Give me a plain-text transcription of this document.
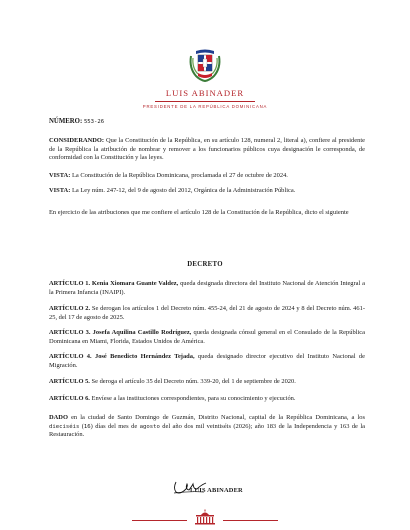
LUIS ABINADER
PRESIDENTE DE LA REPÚBLICA DOMINICANA
NÚMERO: 553-26
CONSIDERANDO: Que la Constitución de la República, en su artículo 128, numeral 2, literal a), confiere al presidente de la República la atribución de nombrar y remover a los funcionarios públicos cuya designación le corresponda, de conformidad con la Constitución y las leyes.
VISTA: La Constitución de la República Dominicana, proclamada el 27 de octubre de 2024.
VISTA: La Ley núm. 247-12, del 9 de agosto del 2012, Orgánica de la Administración Pública.
En ejercicio de las atribuciones que me confiere el artículo 128 de la Constitución de la República, dicto el siguiente
DECRETO
ARTÍCULO 1. Kenia Xiomara Guante Valdez, queda designada directora del Instituto Nacional de Atención Integral a la Primera Infancia (INAIPI).
ARTÍCULO 2. Se derogan los artículos 1 del Decreto núm. 455-24, del 21 de agosto de 2024 y 8 del Decreto núm. 461-25, del 17 de agosto de 2025.
ARTÍCULO 3. Josefa Aquilina Castillo Rodríguez, queda designada cónsul general en el Consulado de la República Dominicana en Miami, Florida, Estados Unidos de América.
ARTÍCULO 4. José Benedicto Hernández Tejada, queda designado director ejecutivo del Instituto Nacional de Migración.
ARTÍCULO 5. Se deroga el artículo 35 del Decreto núm. 339-20, del 1 de septiembre de 2020.
ARTÍCULO 6. Envíese a las instituciones correspondientes, para su conocimiento y ejecución.
DADO en la ciudad de Santo Domingo de Guzmán, Distrito Nacional, capital de la República Dominicana, a los dieciséis (16) días del mes de agosto del año dos mil veintiséis (2026); año 183 de la Independencia y 163 de la Restauración.
LUIS ABINADER
